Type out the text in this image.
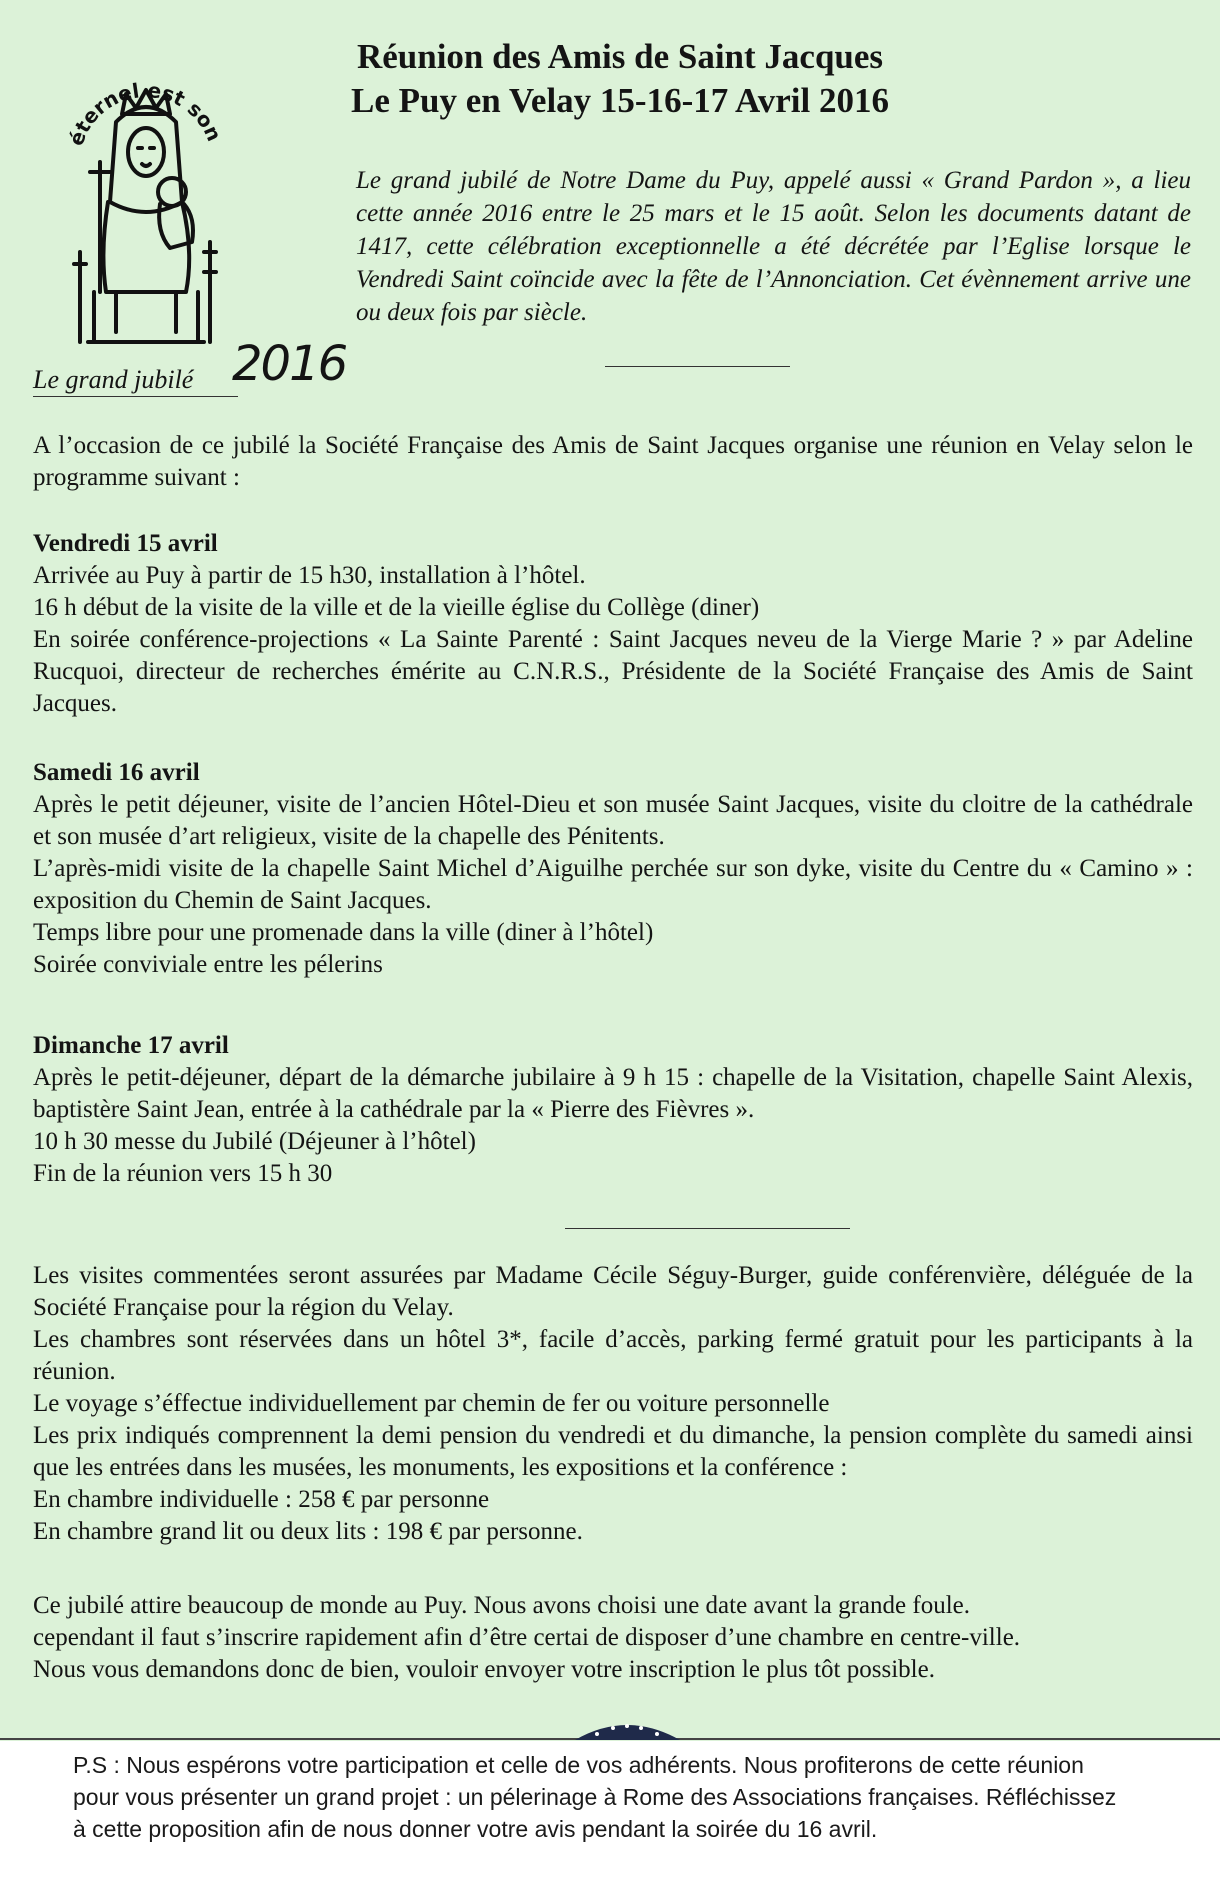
éternel est son
Le grand jubilé 2016
Réunion des Amis de Saint Jacques
Le Puy en Velay 15-16-17 Avril 2016
Le grand jubilé de Notre Dame du Puy, appelé aussi « Grand Pardon », a lieu cette année 2016 entre le 25 mars et le 15 août. Selon les documents datant de 1417, cette célébration exceptionnelle a été décrétée par l’Eglise lorsque le Vendredi Saint coïncide avec la fête de l’Annonciation. Cet évènnement arrive une ou deux fois par siècle.

A l’occasion de ce jubilé la Société Française des Amis de Saint Jacques organise une réunion en Velay selon le programme suivant :

Vendredi 15 avril

Arrivée au Puy à partir de 15 h30, installation à l’hôtel.

16 h début de la visite de la ville et de la vieille église du Collège (diner)

En soirée conférence-projections « La Sainte Parenté : Saint Jacques neveu de la Vierge Marie ? » par Adeline Rucquoi, directeur de recherches émérite au C.N.R.S., Présidente de la Société Française des Amis de Saint Jacques.

Samedi 16 avril

Après le petit déjeuner, visite de l’ancien Hôtel-Dieu et son musée Saint Jacques, visite du cloitre de la cathédrale et son musée d’art religieux, visite de la chapelle des Pénitents.

L’après-midi visite de la chapelle Saint Michel d’Aiguilhe perchée sur son dyke, visite du Centre du « Camino » : exposition du Chemin de Saint Jacques.

Temps libre pour une promenade dans la ville (diner à l’hôtel)

Soirée conviviale entre les pélerins

Dimanche 17 avril

Après le petit-déjeuner, départ de la démarche jubilaire à 9 h 15 : chapelle de la Visitation, chapelle Saint Alexis, baptistère Saint Jean, entrée à la cathédrale par la « Pierre des Fièvres ».

10 h 30 messe du Jubilé (Déjeuner à l’hôtel)

Fin de la réunion vers 15 h 30

Les visites commentées seront assurées par Madame Cécile Séguy-Burger, guide conférenvière, déléguée de la Société Française pour la région du Velay.

Les chambres sont réservées dans un hôtel 3*, facile d’accès, parking fermé gratuit pour les participants à la réunion.

Le voyage s’éffectue individuellement par chemin de fer ou voiture personnelle

Les prix indiqués comprennent la demi pension du vendredi et du dimanche, la pension complète du samedi ainsi que les entrées dans les musées, les monuments, les expositions et la conférence :

En chambre individuelle : 258 € par personne

En chambre grand lit ou deux lits : 198 € par personne.

Ce jubilé attire beaucoup de monde au Puy. Nous avons choisi une date avant la grande foule.

cependant il faut s’inscrire rapidement afin d’être certai de disposer d’une chambre en centre-ville.

Nous vous demandons donc de bien, vouloir envoyer votre inscription le plus tôt possible.

P.S : Nous espérons votre participation et celle de vos adhérents. Nous profiterons de cette réunion
pour vous présenter un grand projet : un pélerinage à Rome des Associations françaises. Réfléchissez
à cette proposition afin de nous donner votre avis pendant la soirée du 16 avril.
